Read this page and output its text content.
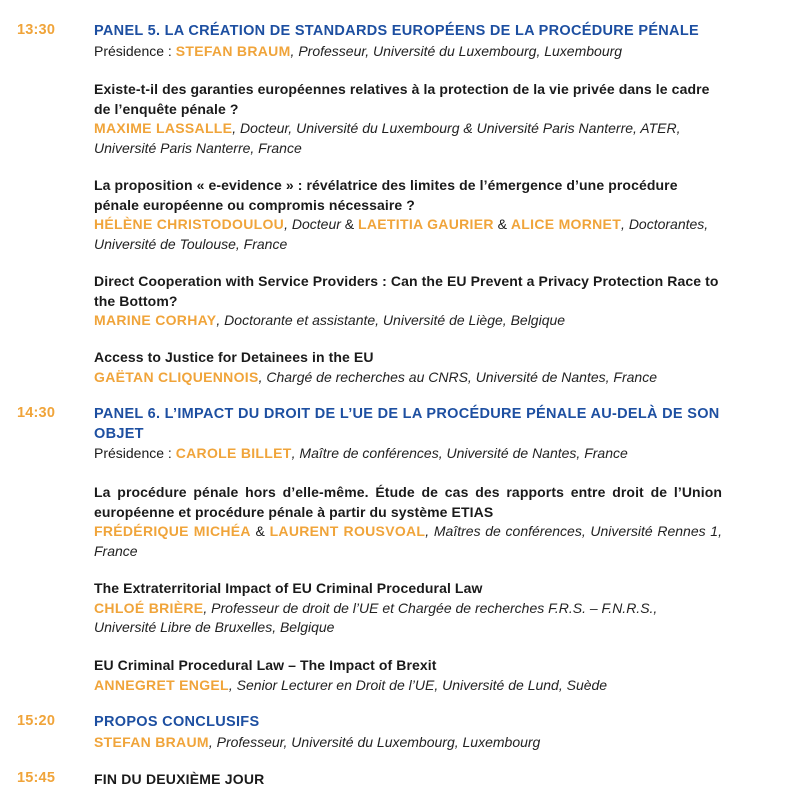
13:30	PANEL 5. LA CRÉATION DE STANDARDS EUROPÉENS DE LA PROCÉDURE PÉNALE
Présidence : STEFAN BRAUM, Professeur, Université du Luxembourg, Luxembourg
Existe-t-il des garanties européennes relatives à la protection de la vie privée dans le cadre de l’enquête pénale ?
MAXIME LASSALLE, Docteur, Université du Luxembourg & Université Paris Nanterre, ATER, Université Paris Nanterre, France
La proposition « e-evidence » : révélatrice des limites de l’émergence d’une procédure pénale européenne ou compromis nécessaire ?
HÉLÈNE CHRISTODOULOU, Docteur & LAETITIA GAURIER & ALICE MORNET, Doctorantes, Université de Toulouse, France
Direct Cooperation with Service Providers : Can the EU Prevent a Privacy Protection Race to the Bottom?
MARINE CORHAY, Doctorante et assistante, Université de Liège, Belgique
Access to Justice for Detainees in the EU
GAËTAN CLIQUENNOIS, Chargé de recherches au CNRS, Université de Nantes, France
14:30	PANEL 6. L’IMPACT DU DROIT DE L’UE DE LA PROCÉDURE PÉNALE AU-DELÀ DE SON OBJET
Présidence : CAROLE BILLET, Maître de conférences, Université de Nantes, France
La procédure pénale hors d’elle-même. Étude de cas des rapports entre droit de l’Union européenne et procédure pénale à partir du système ETIAS
FRÉDÉRIQUE MICHÉA & LAURENT ROUSVOAL, Maîtres de conférences, Université Rennes 1, France
The Extraterritorial Impact of EU Criminal Procedural Law
CHLOÉ BRIÈRE, Professeur de droit de l’UE et Chargée de recherches F.R.S. – F.N.R.S., Université Libre de Bruxelles, Belgique
EU Criminal Procedural Law – The Impact of Brexit
ANNEGRET ENGEL, Senior Lecturer en Droit de l’UE, Université de Lund, Suède
15:20	PROPOS CONCLUSIFS
STEFAN BRAUM, Professeur, Université du Luxembourg, Luxembourg
15:45	FIN DU DEUXIÈME JOUR
